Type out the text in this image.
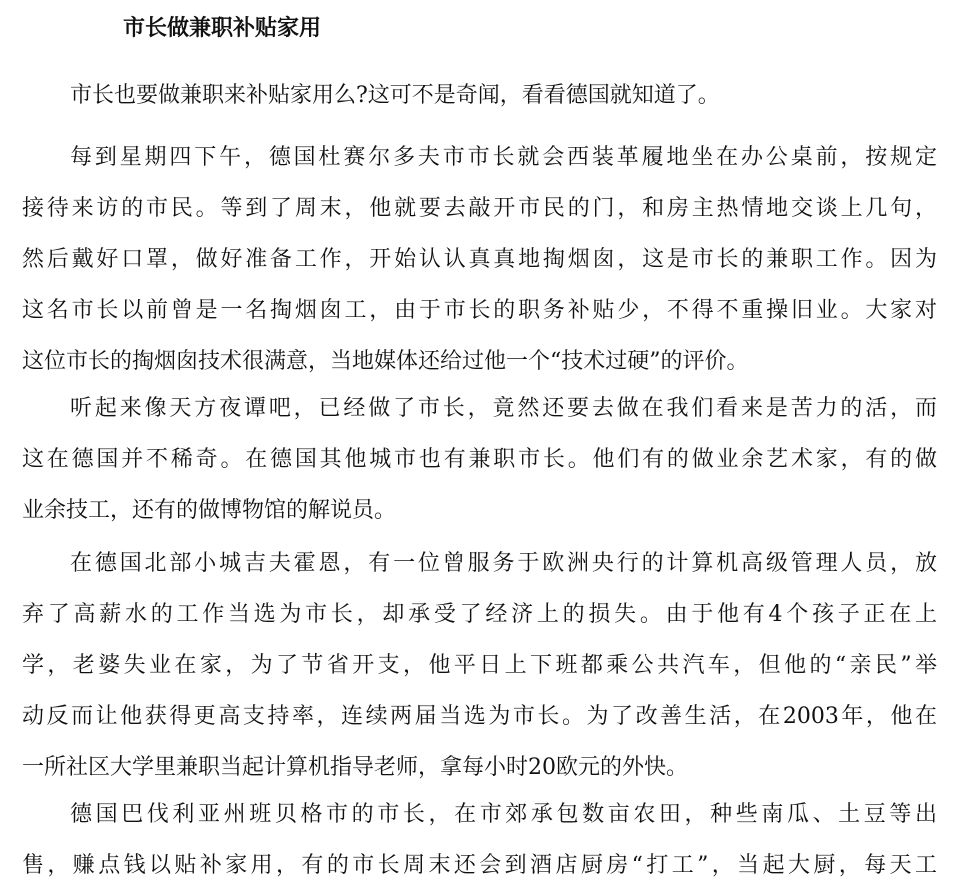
市长做兼职补贴家用
市长也要做兼职来补贴家用么?这可不是奇闻，看看德国就知道了。
每到星期四下午，德国杜赛尔多夫市市长就会西装革履地坐在办公桌前，按规定
接待来访的市民。等到了周末，他就要去敲开市民的门，和房主热情地交谈上几句，
然后戴好口罩，做好准备工作，开始认认真真地掏烟囱，这是市长的兼职工作。因为
这名市长以前曾是一名掏烟囱工，由于市长的职务补贴少，不得不重操旧业。大家对
这位市长的掏烟囱技术很满意，当地媒体还给过他一个“技术过硬”的评价。
听起来像天方夜谭吧，已经做了市长，竟然还要去做在我们看来是苦力的活，而
这在德国并不稀奇。在德国其他城市也有兼职市长。他们有的做业余艺术家，有的做
业余技工，还有的做博物馆的解说员。
在德国北部小城吉夫霍恩，有一位曾服务于欧洲央行的计算机高级管理人员，放
弃了高薪水的工作当选为市长，却承受了经济上的损失。由于他有4个孩子正在上
学，老婆失业在家，为了节省开支，他平日上下班都乘公共汽车，但他的“亲民”举
动反而让他获得更高支持率，连续两届当选为市长。为了改善生活，在2003年，他在
一所社区大学里兼职当起计算机指导老师，拿每小时20欧元的外快。
德国巴伐利亚州班贝格市的市长，在市郊承包数亩农田，种些南瓜、土豆等出
售，赚点钱以贴补家用，有的市长周末还会到酒店厨房“打工”，当起大厨，每天工
